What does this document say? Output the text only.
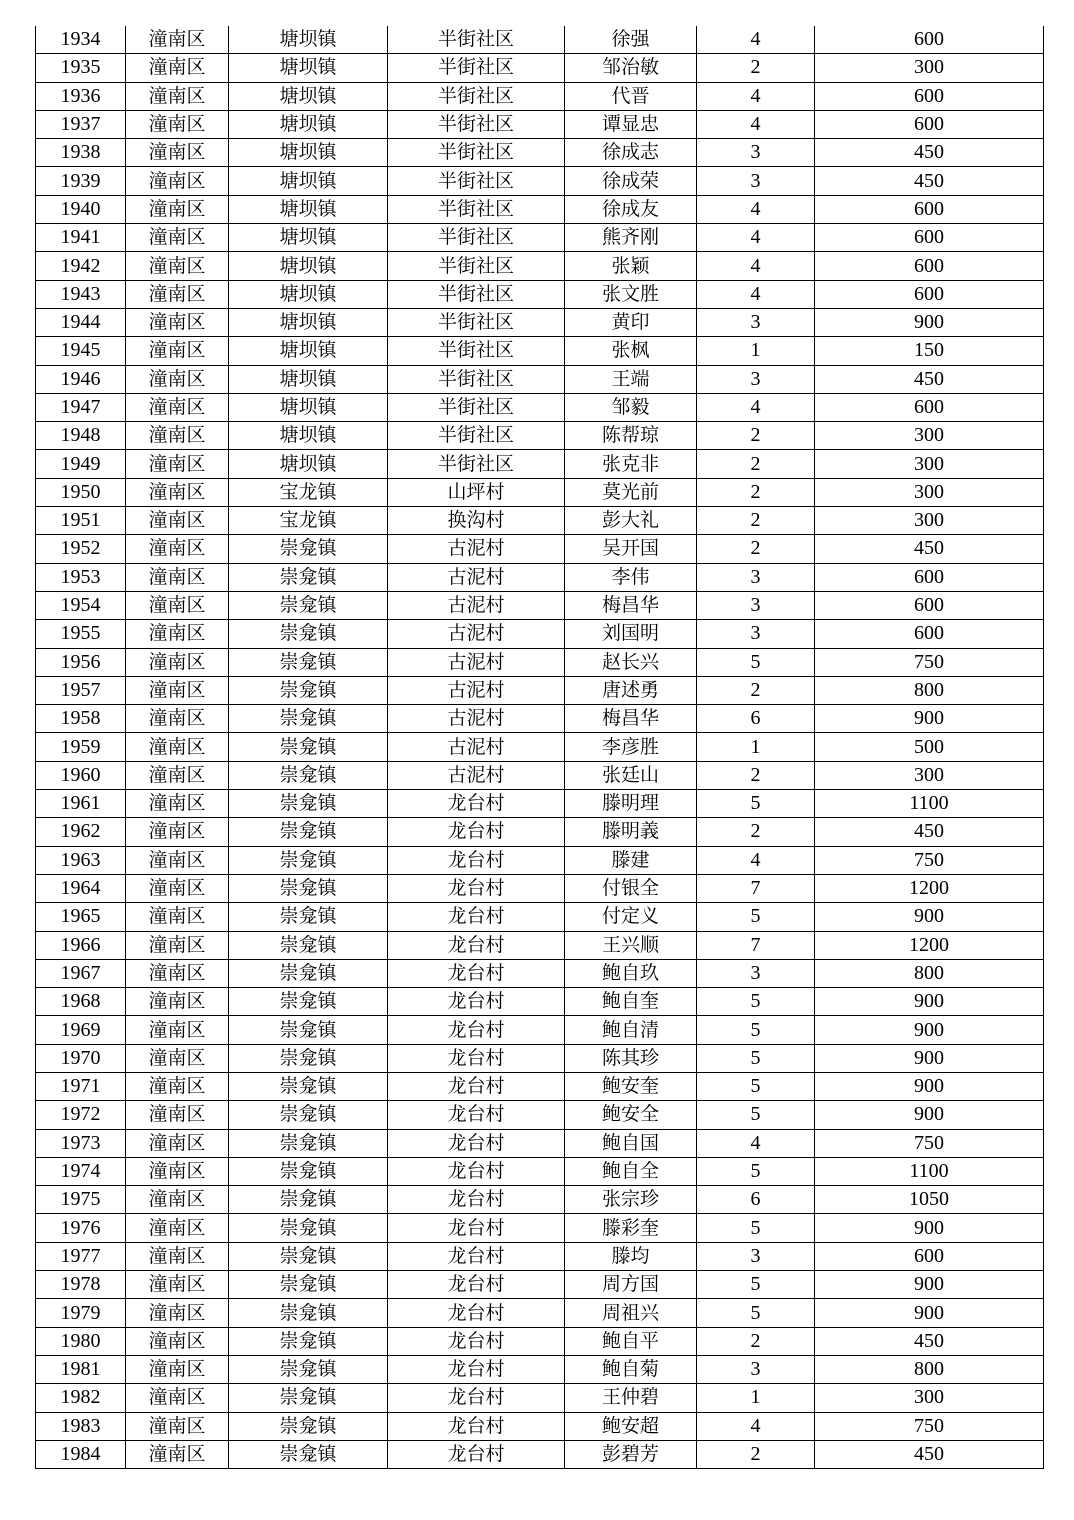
1934	潼南区	塘坝镇	半街社区	徐强	4	600
1935	潼南区	塘坝镇	半街社区	邹治敏	2	300
1936	潼南区	塘坝镇	半街社区	代晋	4	600
1937	潼南区	塘坝镇	半街社区	谭显忠	4	600
1938	潼南区	塘坝镇	半街社区	徐成志	3	450
1939	潼南区	塘坝镇	半街社区	徐成荣	3	450
1940	潼南区	塘坝镇	半街社区	徐成友	4	600
1941	潼南区	塘坝镇	半街社区	熊齐刚	4	600
1942	潼南区	塘坝镇	半街社区	张颖	4	600
1943	潼南区	塘坝镇	半街社区	张文胜	4	600
1944	潼南区	塘坝镇	半街社区	黄印	3	900
1945	潼南区	塘坝镇	半街社区	张枫	1	150
1946	潼南区	塘坝镇	半街社区	王端	3	450
1947	潼南区	塘坝镇	半街社区	邹毅	4	600
1948	潼南区	塘坝镇	半街社区	陈帮琼	2	300
1949	潼南区	塘坝镇	半街社区	张克非	2	300
1950	潼南区	宝龙镇	山坪村	莫光前	2	300
1951	潼南区	宝龙镇	换沟村	彭大礼	2	300
1952	潼南区	崇龛镇	古泥村	吴开国	2	450
1953	潼南区	崇龛镇	古泥村	李伟	3	600
1954	潼南区	崇龛镇	古泥村	梅昌华	3	600
1955	潼南区	崇龛镇	古泥村	刘国明	3	600
1956	潼南区	崇龛镇	古泥村	赵长兴	5	750
1957	潼南区	崇龛镇	古泥村	唐述勇	2	800
1958	潼南区	崇龛镇	古泥村	梅昌华	6	900
1959	潼南区	崇龛镇	古泥村	李彦胜	1	500
1960	潼南区	崇龛镇	古泥村	张廷山	2	300
1961	潼南区	崇龛镇	龙台村	滕明理	5	1100
1962	潼南区	崇龛镇	龙台村	滕明義	2	450
1963	潼南区	崇龛镇	龙台村	滕建	4	750
1964	潼南区	崇龛镇	龙台村	付银全	7	1200
1965	潼南区	崇龛镇	龙台村	付定义	5	900
1966	潼南区	崇龛镇	龙台村	王兴顺	7	1200
1967	潼南区	崇龛镇	龙台村	鲍自玖	3	800
1968	潼南区	崇龛镇	龙台村	鲍自奎	5	900
1969	潼南区	崇龛镇	龙台村	鲍自清	5	900
1970	潼南区	崇龛镇	龙台村	陈其珍	5	900
1971	潼南区	崇龛镇	龙台村	鲍安奎	5	900
1972	潼南区	崇龛镇	龙台村	鲍安全	5	900
1973	潼南区	崇龛镇	龙台村	鲍自国	4	750
1974	潼南区	崇龛镇	龙台村	鲍自全	5	1100
1975	潼南区	崇龛镇	龙台村	张宗珍	6	1050
1976	潼南区	崇龛镇	龙台村	滕彩奎	5	900
1977	潼南区	崇龛镇	龙台村	滕均	3	600
1978	潼南区	崇龛镇	龙台村	周方国	5	900
1979	潼南区	崇龛镇	龙台村	周祖兴	5	900
1980	潼南区	崇龛镇	龙台村	鲍自平	2	450
1981	潼南区	崇龛镇	龙台村	鲍自菊	3	800
1982	潼南区	崇龛镇	龙台村	王仲碧	1	300
1983	潼南区	崇龛镇	龙台村	鲍安超	4	750
1984	潼南区	崇龛镇	龙台村	彭碧芳	2	450
